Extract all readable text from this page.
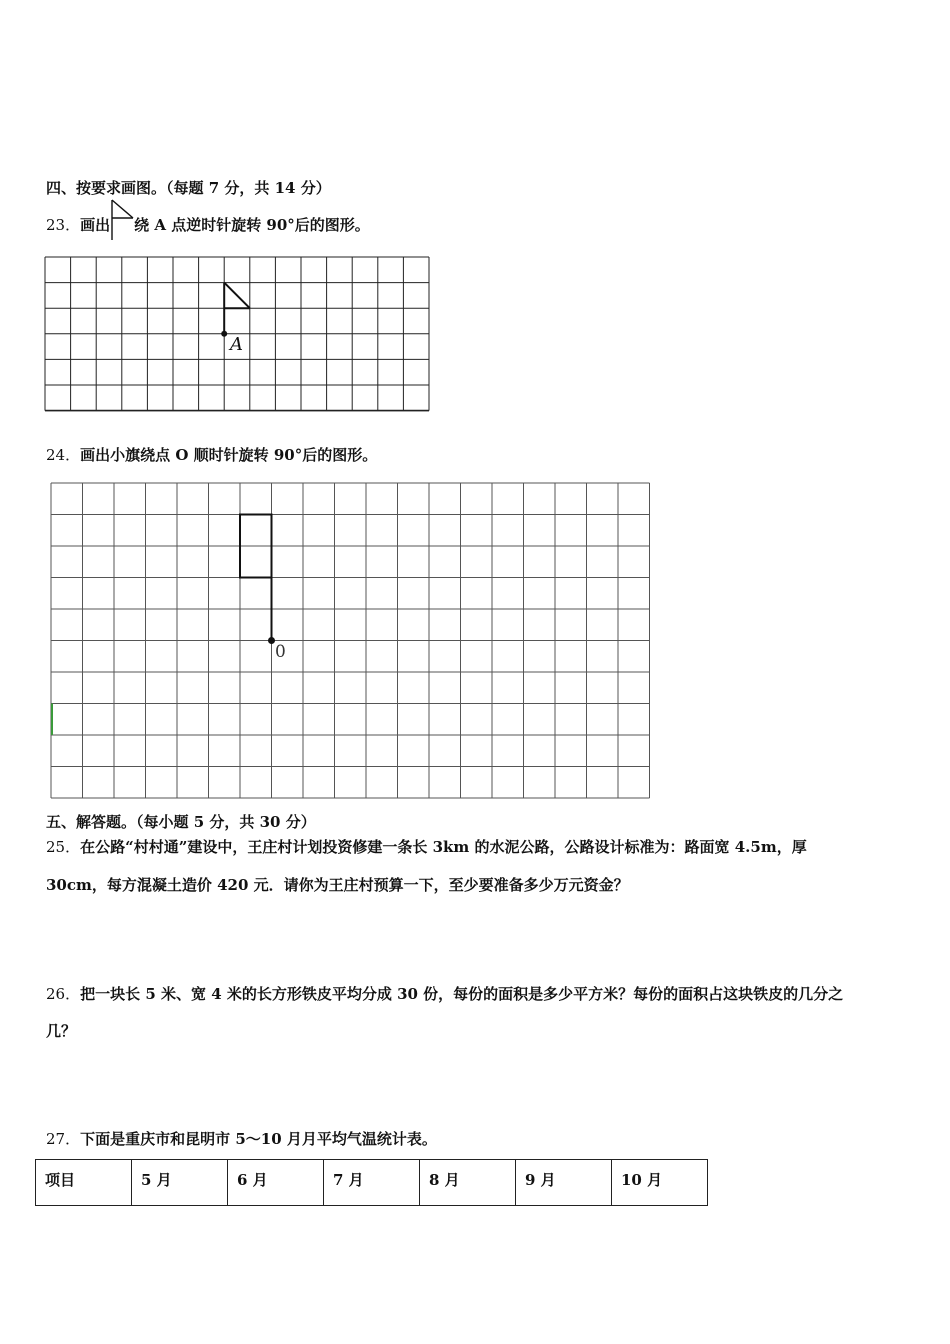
四、按要求画图。（每题 7 分，共 14 分）
23．画出 绕 A 点逆时针旋转 90°后的图形。
A
24．画出小旗绕点 O 顺时针旋转 90°后的图形。
0
五、解答题。（每小题 5 分，共 30 分）
25．在公路“村村通”建设中，王庄村计划投资修建一条长 3km 的水泥公路，公路设计标准为：路面宽 4.5m，厚
30cm，每方混凝土造价 420 元．请你为王庄村预算一下，至少要准备多少万元资金？
26．把一块长 5 米、宽 4 米的长方形铁皮平均分成 30 份，每份的面积是多少平方米？每份的面积占这块铁皮的几分之
几？
27．下面是重庆市和昆明市 5～10 月月平均气温统计表。
项目	5 月	6 月	7 月	8 月	9 月	10 月
